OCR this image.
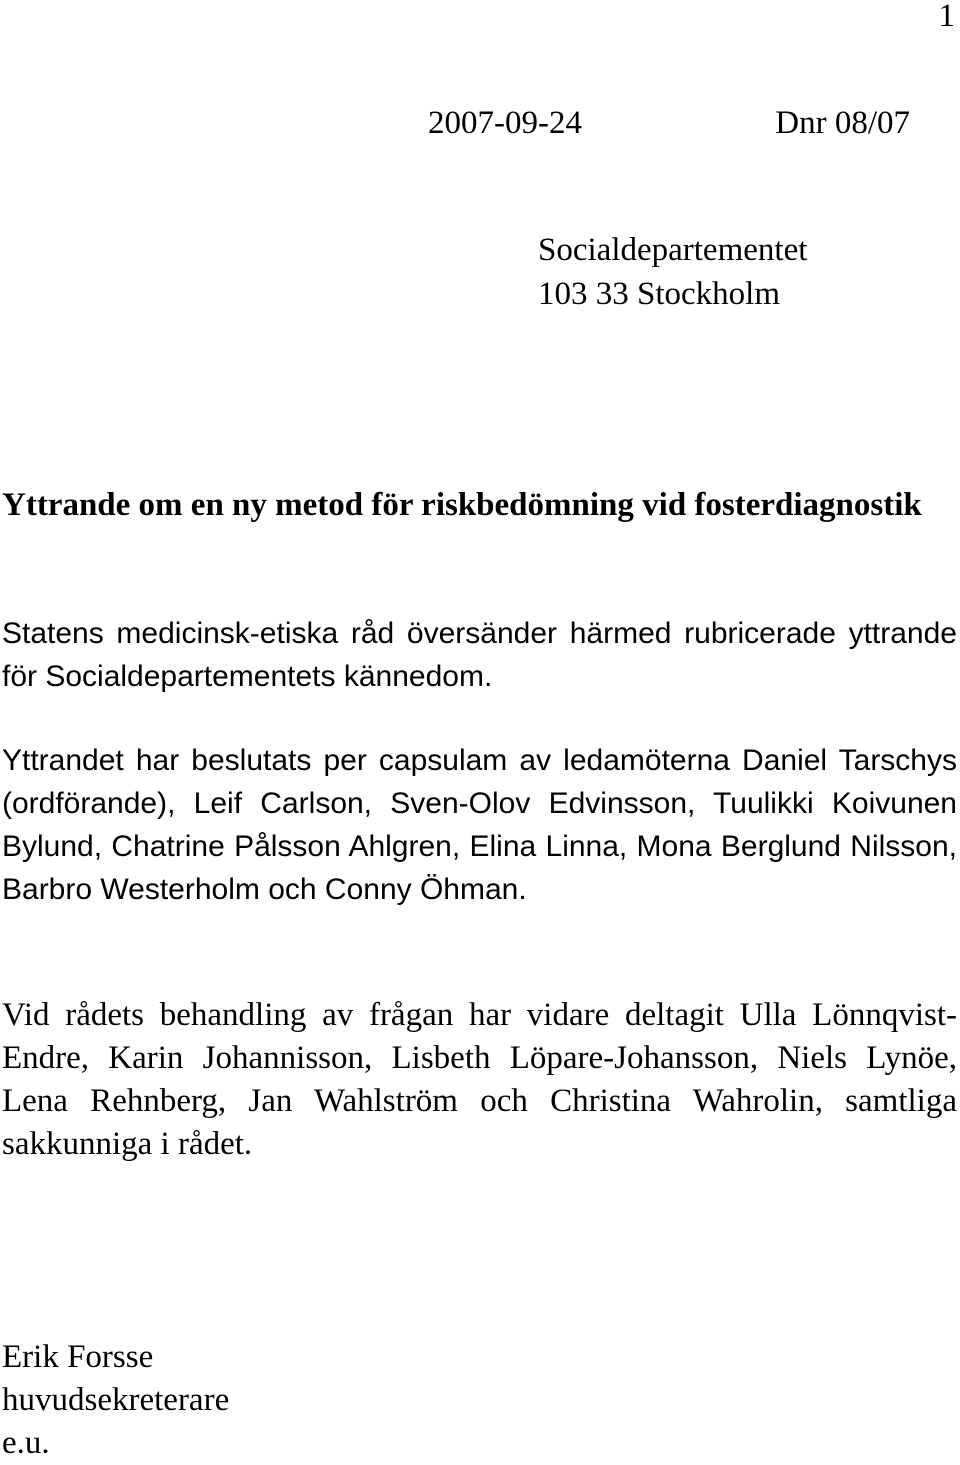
1
2007-09-24	Dnr 08/07
Socialdepartementet
103 33 Stockholm
Yttrande om en ny metod för riskbedömning vid fosterdiagnostik
Statens medicinsk-etiska råd översänder härmed rubricerade yttrande för Socialdepartementets kännedom.
Yttrandet har beslutats per capsulam av ledamöterna Daniel Tarschys (ordförande), Leif Carlson, Sven-Olov Edvinsson, Tuulikki Koivunen Bylund, Chatrine Pålsson Ahlgren, Elina Linna, Mona Berglund Nilsson, Barbro Westerholm och Conny Öhman.
Vid rådets behandling av frågan har vidare deltagit Ulla Lönnqvist-Endre, Karin Johannisson, Lisbeth Löpare-Johansson, Niels Lynöe, Lena Rehnberg, Jan Wahlström och Christina Wahrolin, samtliga sakkunniga i rådet.
Erik Forsse
huvudsekreterare
e.u.
